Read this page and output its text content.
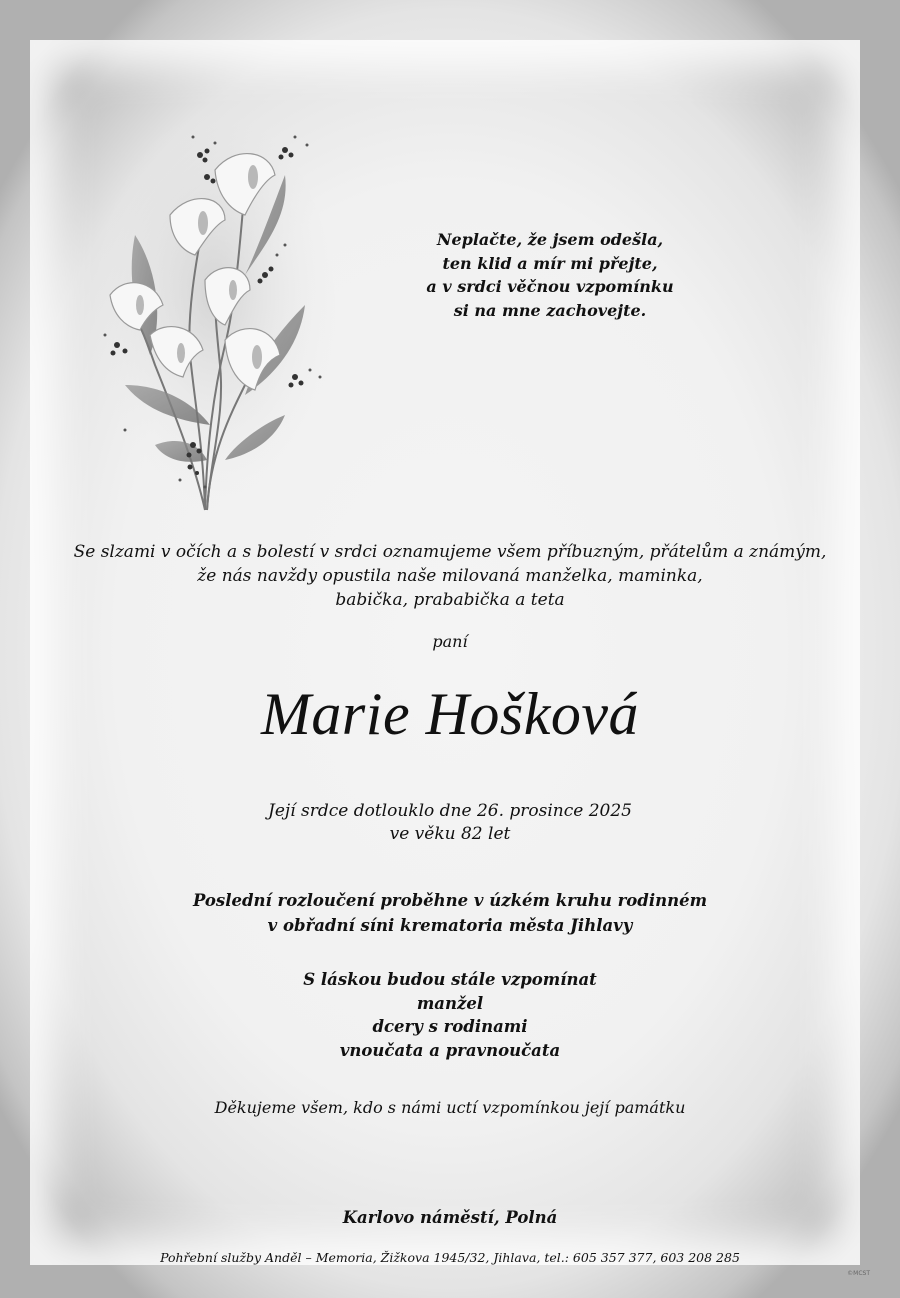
Neplačte, že jsem odešla,
ten klid a mír mi přejte,
a v srdci věčnou vzpomínku
si na mne zachovejte.
Se slzami v očích a s bolestí v srdci oznamujeme všem příbuzným, přátelům a známým,
že nás navždy opustila naše milovaná manželka, maminka,
babička, prababička a teta
paní
Marie Hošková
Její srdce dotlouklo dne 26. prosince 2025
ve věku 82 let
Poslední rozloučení proběhne v úzkém kruhu rodinném
v obřadní síni krematoria města Jihlavy
S láskou budou stále vzpomínat
manžel
dcery s rodinami
vnoučata a pravnoučata
Děkujeme všem, kdo s námi uctí vzpomínkou její památku
Karlovo náměstí, Polná
Pohřební služby Anděl – Memoria, Žižkova 1945/32, Jihlava, tel.: 605 357 377, 603 208 285
©MCST
